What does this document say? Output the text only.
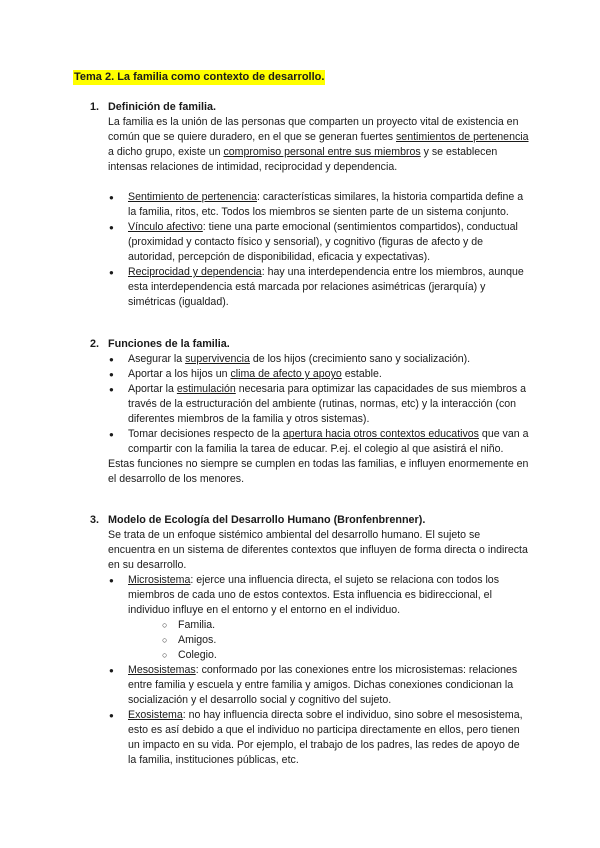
Tema 2. La familia como contexto de desarrollo.
1. Definición de familia.
La familia es la unión de las personas que comparten un proyecto vital de existencia en común que se quiere duradero, en el que se generan fuertes sentimientos de pertenencia a dicho grupo, existe un compromiso personal entre sus miembros y se establecen intensas relaciones de intimidad, reciprocidad y dependencia.
● Sentimiento de pertenencia: características similares, la historia compartida define a la familia, ritos, etc. Todos los miembros se sienten parte de un sistema conjunto.
● Vínculo afectivo: tiene una parte emocional (sentimientos compartidos), conductual (proximidad y contacto físico y sensorial), y cognitivo (figuras de afecto y de autoridad, percepción de disponibilidad, eficacia y expectativas).
● Reciprocidad y dependencia: hay una interdependencia entre los miembros, aunque esta interdependencia está marcada por relaciones asimétricas (jerarquía) y simétricas (igualdad).
2. Funciones de la familia.
● Asegurar la supervivencia de los hijos (crecimiento sano y socialización).
● Aportar a los hijos un clima de afecto y apoyo estable.
● Aportar la estimulación necesaria para optimizar las capacidades de sus miembros a través de la estructuración del ambiente (rutinas, normas, etc) y la interacción (con diferentes miembros de la familia y otros sistemas).
● Tomar decisiones respecto de la apertura hacia otros contextos educativos que van a compartir con la familia la tarea de educar. P.ej. el colegio al que asistirá el niño.
Estas funciones no siempre se cumplen en todas las familias, e influyen enormemente en el desarrollo de los menores.
3. Modelo de Ecología del Desarrollo Humano (Bronfenbrenner).
Se trata de un enfoque sistémico ambiental del desarrollo humano. El sujeto se encuentra en un sistema de diferentes contextos que influyen de forma directa o indirecta en su desarrollo.
● Microsistema: ejerce una influencia directa, el sujeto se relaciona con todos los miembros de cada uno de estos contextos. Esta influencia es bidireccional, el individuo influye en el entorno y el entorno en el individuo.
○ Familia.
○ Amigos.
○ Colegio.
● Mesosistemas: conformado por las conexiones entre los microsistemas: relaciones entre familia y escuela y entre familia y amigos. Dichas conexiones condicionan la socialización y el desarrollo social y cognitivo del sujeto.
● Exosistema: no hay influencia directa sobre el individuo, sino sobre el mesosistema, esto es así debido a que el individuo no participa directamente en ellos, pero tienen un impacto en su vida. Por ejemplo, el trabajo de los padres, las redes de apoyo de la familia, instituciones públicas, etc.
